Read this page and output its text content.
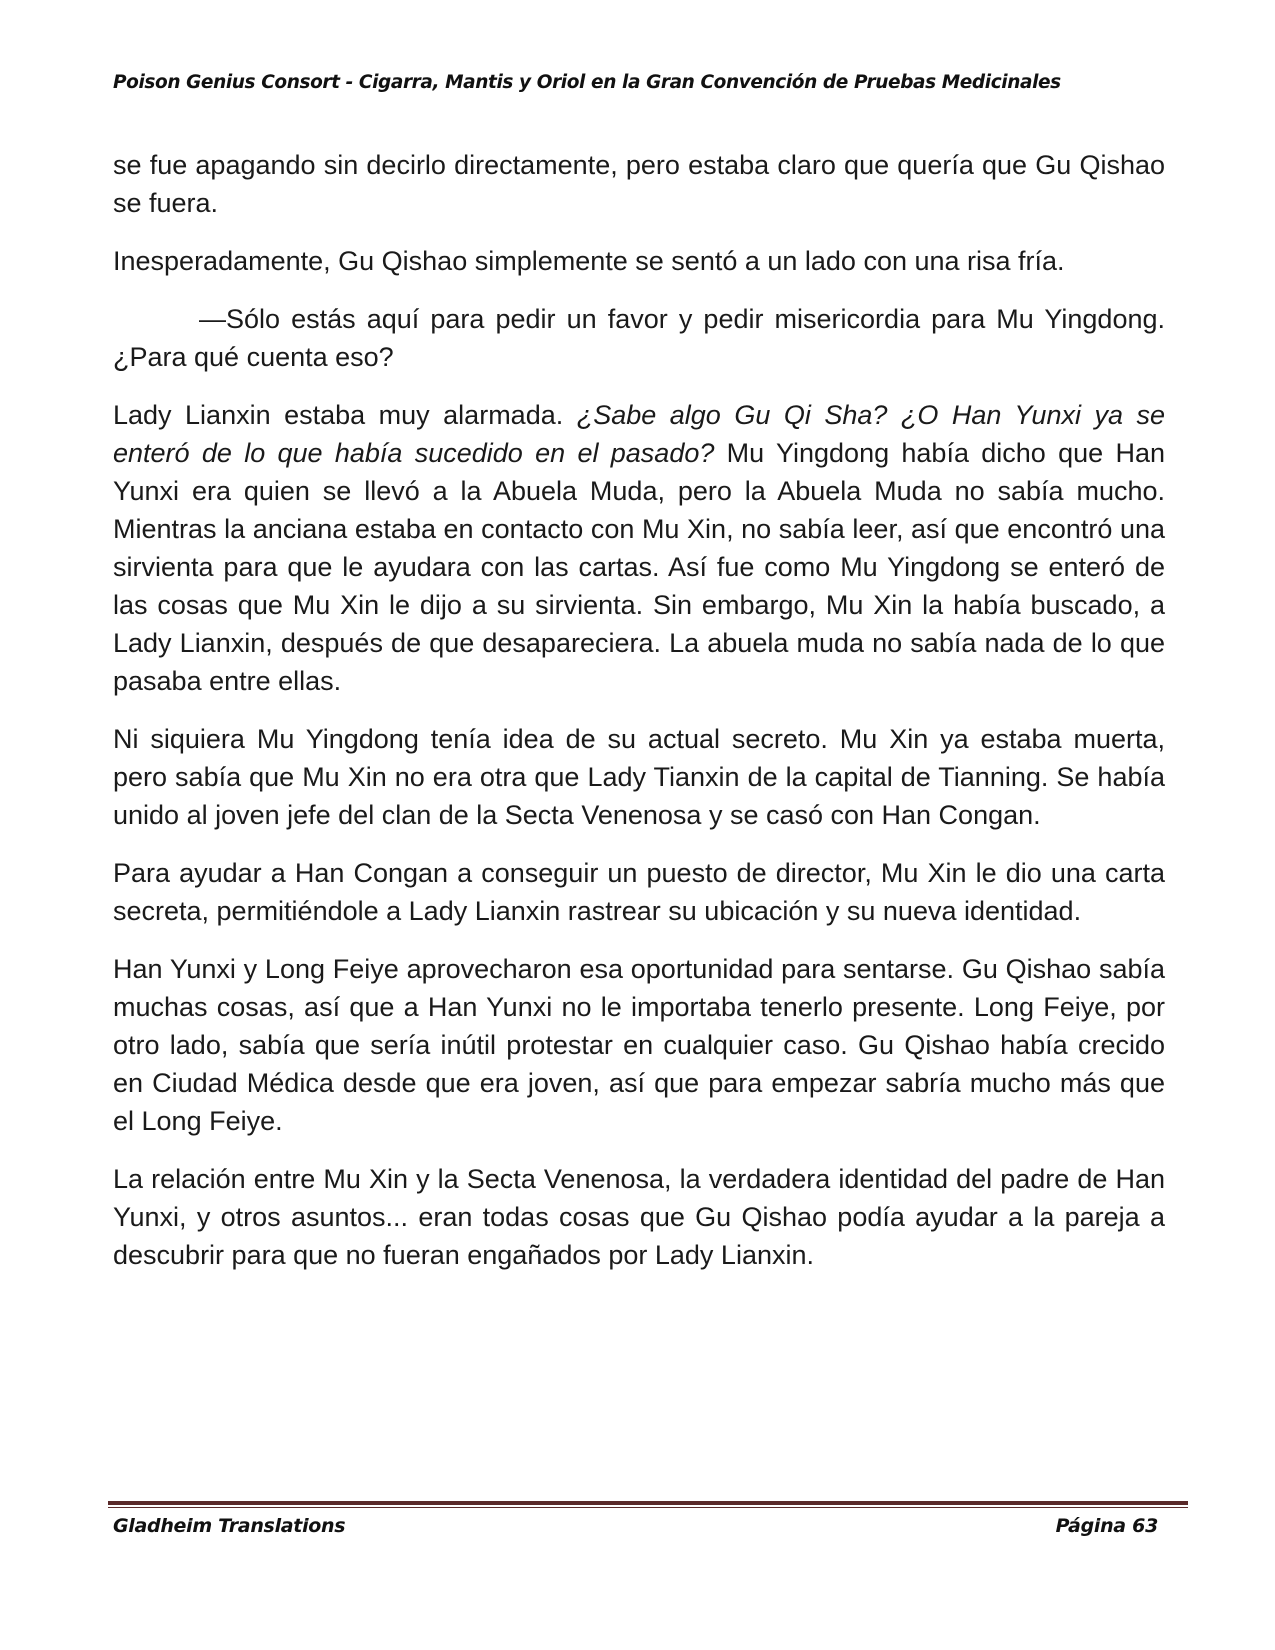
Poison Genius Consort - Cigarra, Mantis y Oriol en la Gran Convención de Pruebas Medicinales

se fue apagando sin decirlo directamente, pero estaba claro que quería que Gu Qishao se fuera.

Inesperadamente, Gu Qishao simplemente se sentó a un lado con una risa fría.

—Sólo estás aquí para pedir un favor y pedir misericordia para Mu Yingdong. ¿Para qué cuenta eso?

Lady Lianxin estaba muy alarmada. ¿Sabe algo Gu Qi Sha? ¿O Han Yunxi ya se enteró de lo que había sucedido en el pasado? Mu Yingdong había dicho que Han Yunxi era quien se llevó a la Abuela Muda, pero la Abuela Muda no sabía mucho. Mientras la anciana estaba en contacto con Mu Xin, no sabía leer, así que encontró una sirvienta para que le ayudara con las cartas. Así fue como Mu Yingdong se enteró de las cosas que Mu Xin le dijo a su sirvienta. Sin embargo, Mu Xin la había buscado, a Lady Lianxin, después de que desapareciera. La abuela muda no sabía nada de lo que pasaba entre ellas.

Ni siquiera Mu Yingdong tenía idea de su actual secreto. Mu Xin ya estaba muerta, pero sabía que Mu Xin no era otra que Lady Tianxin de la capital de Tianning. Se había unido al joven jefe del clan de la Secta Venenosa y se casó con Han Congan.

Para ayudar a Han Congan a conseguir un puesto de director, Mu Xin le dio una carta secreta, permitiéndole a Lady Lianxin rastrear su ubicación y su nueva identidad.

Han Yunxi y Long Feiye aprovecharon esa oportunidad para sentarse. Gu Qishao sabía muchas cosas, así que a Han Yunxi no le importaba tenerlo presente. Long Feiye, por otro lado, sabía que sería inútil protestar en cualquier caso. Gu Qishao había crecido en Ciudad Médica desde que era joven, así que para empezar sabría mucho más que el Long Feiye.

La relación entre Mu Xin y la Secta Venenosa, la verdadera identidad del padre de Han Yunxi, y otros asuntos... eran todas cosas que Gu Qishao podía ayudar a la pareja a descubrir para que no fueran engañados por Lady Lianxin.

Gladheim Translations	Página 63
